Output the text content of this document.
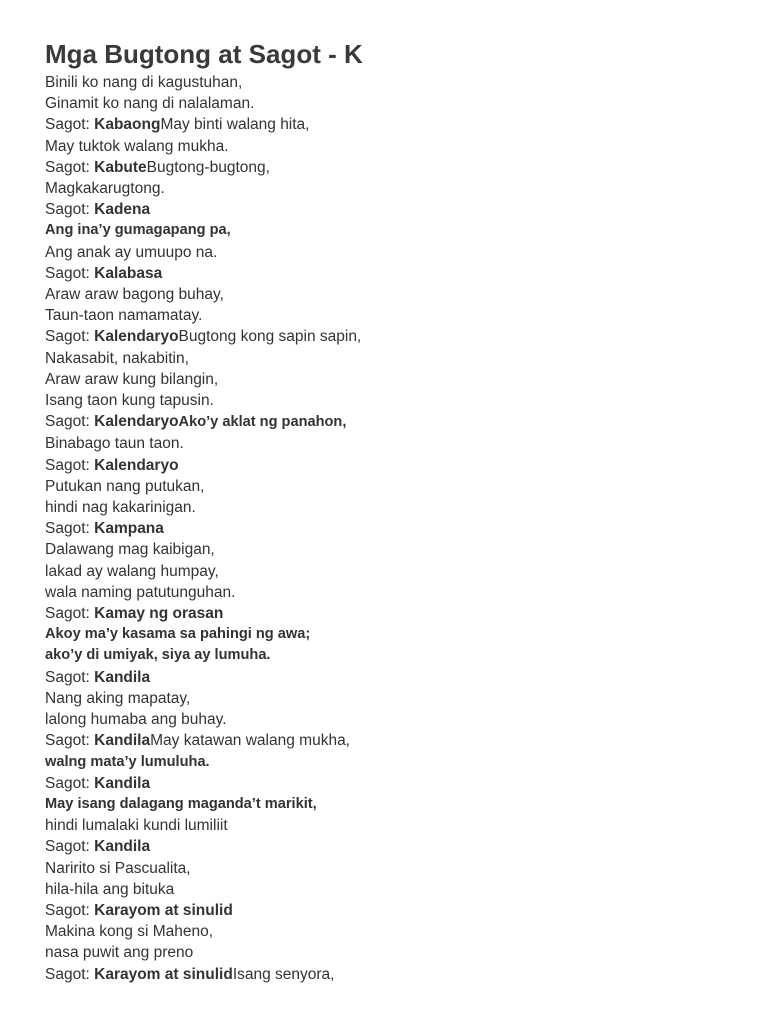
Mga Bugtong at Sagot - K
Binili ko nang di kagustuhan,
Ginamit ko nang di nalalaman.
Sagot: KabaongMay binti walang hita,
May tuktok walang mukha.
Sagot: KabuteBugtong-bugtong,
Magkakarugtong.
Sagot: Kadena
Ang ina’y gumagapang pa,
Ang anak ay umuupo na.
Sagot: Kalabasa
Araw araw bagong buhay,
Taun-taon namamatay.
Sagot: KalendaryoBugtong kong sapin sapin,
Nakasabit, nakabitin,
Araw araw kung bilangin,
Isang taon kung tapusin.
Sagot: KalendaryoAko’y aklat ng panahon,
Binabago taun taon.
Sagot: Kalendaryo
Putukan nang putukan,
hindi nag kakarinigan.
Sagot: Kampana
Dalawang mag kaibigan,
lakad ay walang humpay,
wala naming patutunguhan.
Sagot: Kamay ng orasan
Akoy ma’y kasama sa pahingi ng awa;
ako’y di umiyak, siya ay lumuha.
Sagot: Kandila
Nang aking mapatay,
lalong humaba ang buhay.
Sagot: KandilaMay katawan walang mukha,
walng mata’y lumuluha.
Sagot: Kandila
May isang dalagang maganda’t marikit,
hindi lumalaki kundi lumiliit
Sagot: Kandila
Naririto si Pascualita,
hila-hila ang bituka
Sagot: Karayom at sinulid
Makina kong si Maheno,
nasa puwit ang preno
Sagot: Karayom at sinulidIsang senyora,
